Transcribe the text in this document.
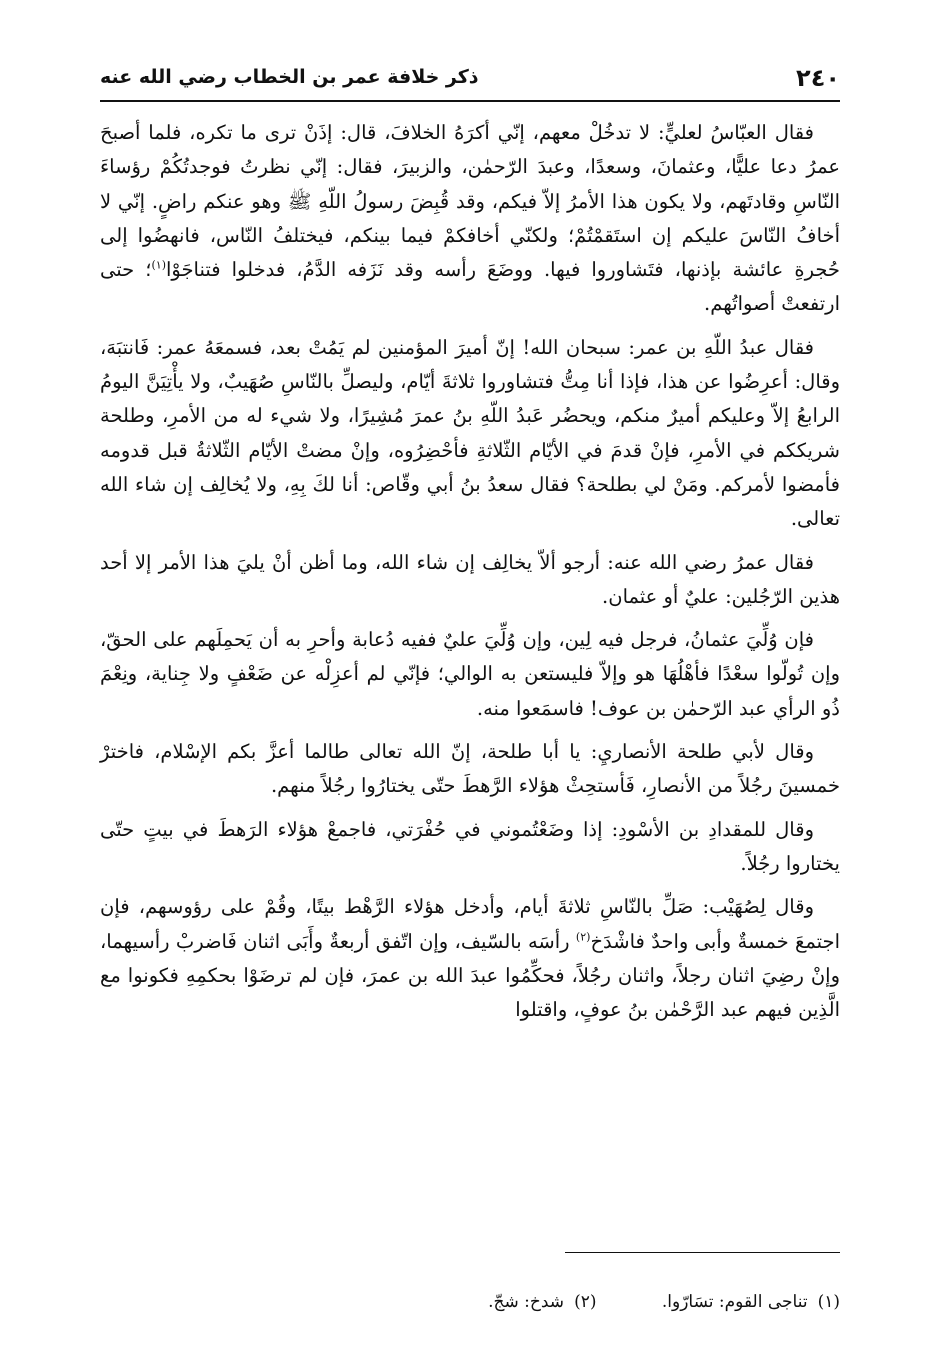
٢٤٠
ذكر خلافة عمر بن الخطاب رضي الله عنه

فقال العبّاسُ لعليٍّ: لا تدخُلْ معهم، إنّي أكرَهُ الخلافَ، قال: إذَنْ ترى ما تكره، فلما أصبحَ عمرُ دعا عليًّا، وعثمانَ، وسعدًا، وعبدَ الرّحمٰن، والزبيرَ، فقال: إنّي نظرتُ فوجدتُكُمْ رؤساءَ النّاسِ وقادتَهم، ولا يكون هذا الأمرُ إلاّ فيكم، وقد قُبِضَ رسولُ اللّهِ ﷺ وهو عنكم راضٍ. إنّي لا أخافُ النّاسَ عليكم إن استَقمْتُمْ؛ ولكنّي أخافكمْ فيما بينكم، فيختلفُ النّاس، فانهضُوا إلى حُجرةِ عائشة بإذنها، فتَشاوروا فيها. ووضَعَ رأسه وقد نَزَفه الدَّمُ، فدخلوا فتناجَوْا$^{(١)}$؛ حتى ارتفعتْ أصواتُهم.

فقال عبدُ اللّهِ بن عمر: سبحان الله! إنّ أميرَ المؤمنين لم يَمُتْ بعد، فسمعَهُ عمر: فَانتبَهَ، وقال: أعرِضُوا عن هذا، فإذا أنا مِتُّ فتشاوروا ثلاثةَ أيّام، وليصلِّ بالنّاسِ صُهَيبٌ، ولا يأْتِيَنَّ اليومُ الرابعُ إلاّ وعليكم أميرٌ منكم، ويحضُر عَبدُ اللّهِ بنُ عمرَ مُشِيرًا، ولا شيء له من الأمرِ، وطلحة شريككم في الأمرِ، فإنْ قدمَ في الأيّام الثّلاثةِ فأحْضِرُوه، وإنْ مضتْ الأيّام الثّلاثةُ قبل قدومه فأمضوا لأمركم. ومَنْ لي بطلحة؟ فقال سعدُ بنُ أبي وقّاص: أنا لكَ بِهِ، ولا يُخالِف إن شاء الله تعالى.

فقال عمرُ رضي الله عنه: أرجو ألاّ يخالِف إن شاء الله، وما أظن أنْ يليَ هذا الأمر إلا أحد هذين الرّجُلين: عليٌ أو عثمان.

فإن وُلِّيَ عثمانُ، فرجل فيه لِين، وإن وُلِّيَ عليٌ ففيه دُعابة وأحرِ به أن يَحمِلَهم على الحقّ، وإن تُولّوا سعْدًا فأهْلُهَا هو وإلاّ فليستعن به الوالي؛ فإنّي لم أعزِلْه عن ضَعْفٍ ولا جِناية، ونِعْمَ ذُو الرأي عبد الرّحمٰن بن عوف! فاسمَعوا منه.

وقال لأبي طلحة الأنصاريِ: يا أبا طلحة، إنّ الله تعالى طالما أعزَّ بكم الإسْلام، فاخترْ خمسينَ رجُلاً من الأنصارِ، فَأستحِثْ هؤلاء الرَّهطَ حتّى يختارُوا رجُلاً منهم.

وقال للمقدادِ بن الأسْودِ: إذا وضَعْتُموني في حُفْرَتي، فاجمعْ هؤلاء الرَهطَ في بيتٍ حتّى يختاروا رجُلاً.

وقال لِصُهَيْب: صَلِّ بالنّاسِ ثلاثةَ أيام، وأدخل هؤلاء الرَّهْط بيتًا، وقُمْ على رؤوسهم، فإن اجتمعَ خمسةٌ وأبى واحدٌ فاشْدَخ$^{(٢)}$ رأسَه بالسّيف، وإن اتّفق أربعةٌ وأَبَى اثنان فَاضربْ رأسيهما، وإنْ رضِيَ اثنان رجلاً، واثنان رجُلاً، فحكِّمُوا عبدَ الله بن عمرَ، فإن لم ترضَوْا بحكمِهِ فكونوا مع الَّذِين فيهم عبد الرَّحْمٰن بنُ عوفٍ، واقتلوا

(١)تناجى القوم: تسَارّوا. (٢)شدخ: شجّ.
